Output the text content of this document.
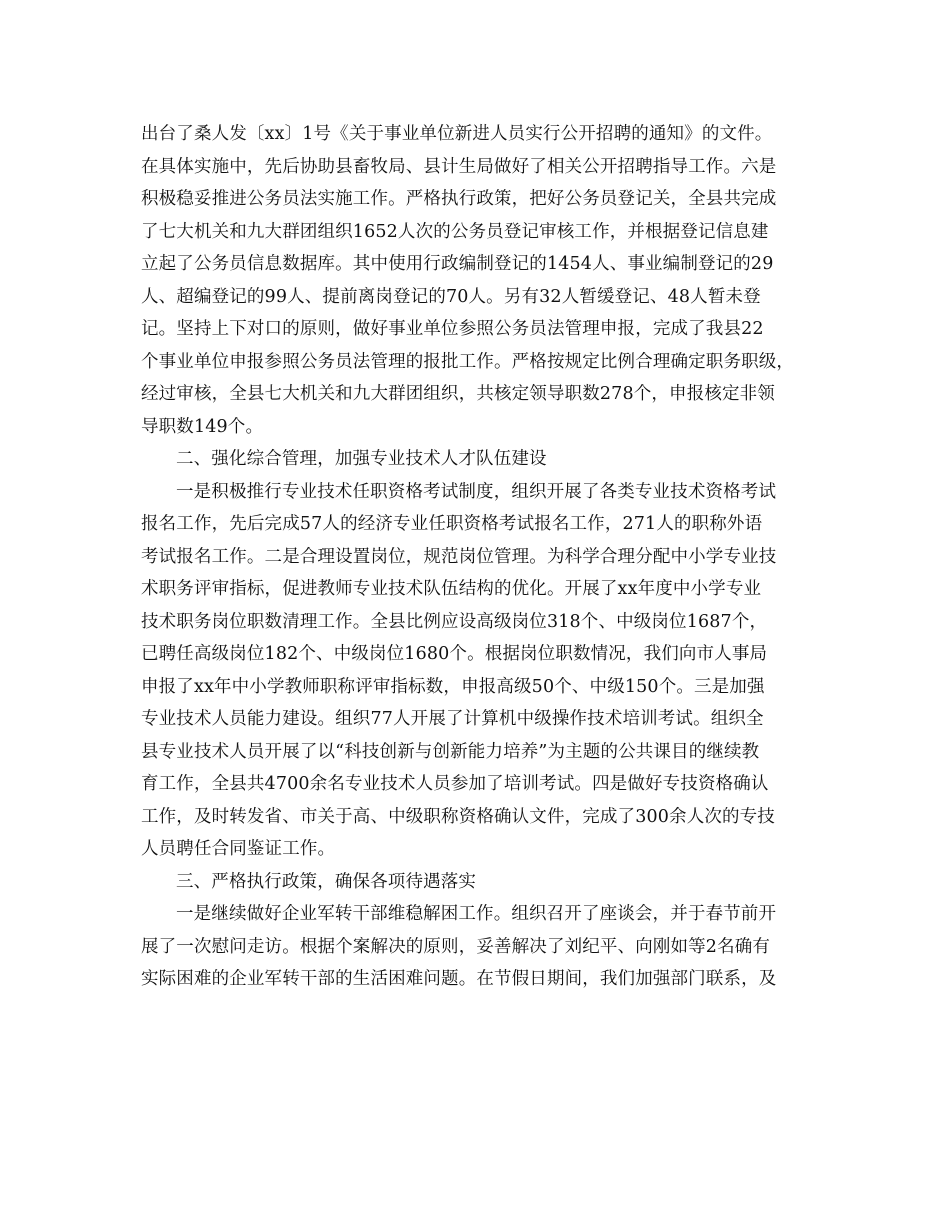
出台了桑人发〔xx〕1号《关于事业单位新进人员实行公开招聘的通知》的文件。
在具体实施中，先后协助县畜牧局、县计生局做好了相关公开招聘指导工作。六是
积极稳妥推进公务员法实施工作。严格执行政策，把好公务员登记关，全县共完成
了七大机关和九大群团组织1652人次的公务员登记审核工作，并根据登记信息建
立起了公务员信息数据库。其中使用行政编制登记的1454人、事业编制登记的29
人、超编登记的99人、提前离岗登记的70人。另有32人暂缓登记、48人暂未登
记。坚持上下对口的原则，做好事业单位参照公务员法管理申报，完成了我县22
个事业单位申报参照公务员法管理的报批工作。严格按规定比例合理确定职务职级，
经过审核，全县七大机关和九大群团组织，共核定领导职数278个，申报核定非领
导职数149个。
二、强化综合管理，加强专业技术人才队伍建设
一是积极推行专业技术任职资格考试制度，组织开展了各类专业技术资格考试
报名工作，先后完成57人的经济专业任职资格考试报名工作，271人的职称外语
考试报名工作。二是合理设置岗位，规范岗位管理。为科学合理分配中小学专业技
术职务评审指标，促进教师专业技术队伍结构的优化。开展了xx年度中小学专业
技术职务岗位职数清理工作。全县比例应设高级岗位318个、中级岗位1687个，
已聘任高级岗位182个、中级岗位1680个。根据岗位职数情况，我们向市人事局
申报了xx年中小学教师职称评审指标数，申报高级50个、中级150个。三是加强
专业技术人员能力建设。组织77人开展了计算机中级操作技术培训考试。组织全
县专业技术人员开展了以“科技创新与创新能力培养”为主题的公共课目的继续教
育工作，全县共4700余名专业技术人员参加了培训考试。四是做好专技资格确认
工作，及时转发省、市关于高、中级职称资格确认文件，完成了300余人次的专技
人员聘任合同鉴证工作。
三、严格执行政策，确保各项待遇落实
一是继续做好企业军转干部维稳解困工作。组织召开了座谈会，并于春节前开
展了一次慰问走访。根据个案解决的原则，妥善解决了刘纪平、向刚如等2名确有
实际困难的企业军转干部的生活困难问题。在节假日期间，我们加强部门联系，及
